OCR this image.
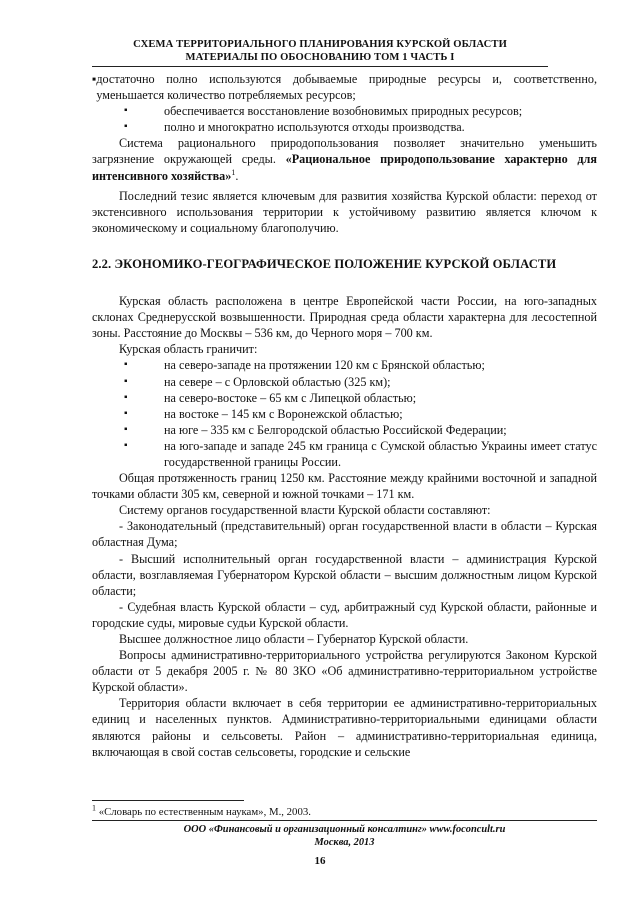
СХЕМА ТЕРРИТОРИАЛЬНОГО ПЛАНИРОВАНИЯ КУРСКОЙ ОБЛАСТИ
МАТЕРИАЛЫ ПО ОБОСНОВАНИЮ ТОМ 1 ЧАСТЬ I
▪ достаточно полно используются добываемые природные ресурсы и, соответственно, уменьшается количество потребляемых ресурсов;
▪	обеспечивается восстановление возобновимых природных ресурсов;
▪	полно и многократно используются отходы производства.

Система рационального природопользования позволяет значительно уменьшить загрязнение окружающей среды. «Рациональное природопользование характерно для интенсивного хозяйства»$^1$.

Последний тезис является ключевым для развития хозяйства Курской области: переход от экстенсивного использования территории к устойчивому развитию является ключом к экономическому и социальному благополучию.

2.2. ЭКОНОМИКО-ГЕОГРАФИЧЕСКОЕ ПОЛОЖЕНИЕ КУРСКОЙ ОБЛАСТИ

Курская область расположена в центре Европейской части России, на юго-западных склонах Среднерусской возвышенности. Природная среда области характерна для лесостепной зоны. Расстояние до Москвы – 536 км, до Черного моря – 700 км.

Курская область граничит:

▪	на северо-западе на протяжении 120 км с Брянской областью;
▪	на севере – с Орловской областью (325 км);
▪	на северо-востоке – 65 км с Липецкой областью;
▪	на востоке – 145 км с Воронежской областью;
▪	на юге – 335 км с Белгородской областью Российской Федерации;
▪	на юго-западе и западе 245 км граница с Сумской областью Украины имеет статус государственной границы России.

Общая протяженность границ 1250 км. Расстояние между крайними восточной и западной точками области 305 км, северной и южной точками – 171 км.

Систему органов государственной власти Курской области составляют:

- Законодательный (представительный) орган государственной власти в области – Курская областная Дума;

- Высший исполнительный орган государственной власти – администрация Курской области, возглавляемая Губернатором Курской области – высшим должностным лицом Курской области;

- Судебная власть Курской области – суд, арбитражный суд Курской области, районные и городские суды, мировые судьи Курской области.

Высшее должностное лицо области – Губернатор Курской области.

Вопросы административно-территориального устройства регулируются Законом Курской области от 5 декабря 2005 г. № 80 ЗКО «Об административно-территориальном устройстве Курской области».

Территория области включает в себя территории ее административно-территориальных единиц и населенных пунктов. Административно-территориальными единицами области являются районы и сельсоветы. Район – административно-территориальная единица, включающая в свой состав сельсоветы, городские и сельские

$^1$ «Словарь по естественным наукам», М., 2003.
ООО «Финансовый и организационный консалтинг» www.foconcult.ru
Москва, 2013
16
